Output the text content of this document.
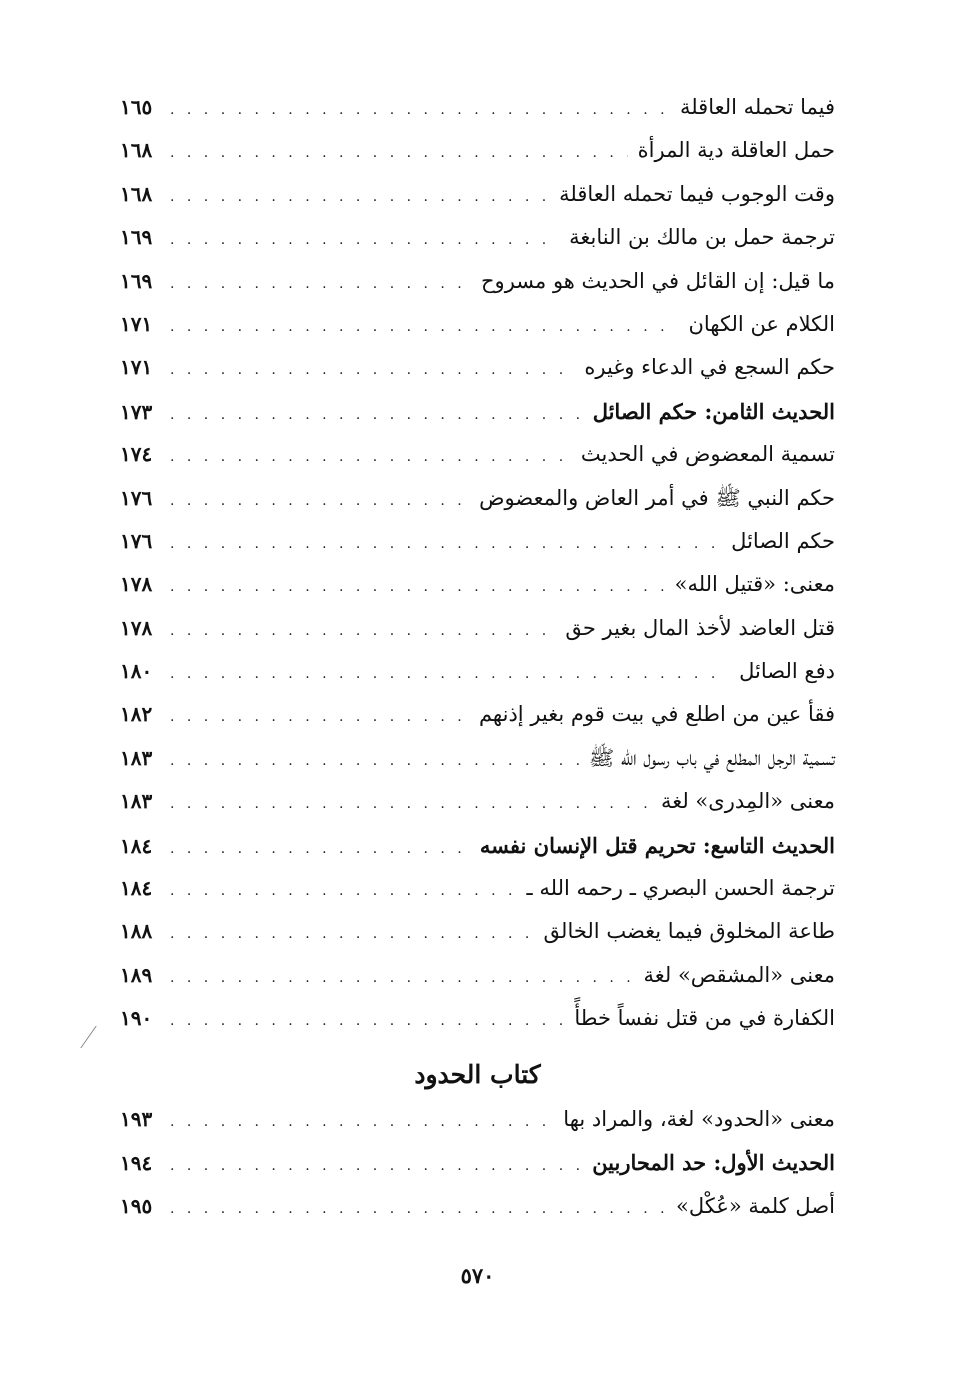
فيما تحمله العاقلة
. . .
١٦٥
حمل العاقلة دية المرأة
. . .
١٦٨
وقت الوجوب فيما تحمله العاقلة
. . .
١٦٨
ترجمة حمل بن مالك بن النابغة
. . .
١٦٩
ما قيل: إن القائل في الحديث هو مسروح
. . .
١٦٩
الكلام عن الكهان
. . .
١٧١
حكم السجع في الدعاء وغيره
. . .
١٧١
الحديث الثامن: حكم الصائل
. . .
١٧٣
تسمية المعضوض في الحديث
. . .
١٧٤
حكم النبي ﷺ في أمر العاض والمعضوض
. . .
١٧٦
حكم الصائل
. . .
١٧٦
معنى: «قتيل الله»
. . .
١٧٨
قتل العاضد لأخذ المال بغير حق
. . .
١٧٨
دفع الصائل
. . .
١٨٠
فقأ عين من اطلع في بيت قوم بغير إذنهم
. . .
١٨٢
تسمية الرجل المطلع في باب رسول الله ﷺ
. . .
١٨٣
معنى «المِدرى» لغة
. . .
١٨٣
الحديث التاسع: تحريم قتل الإنسان نفسه
. . .
١٨٤
ترجمة الحسن البصري ـ رحمه الله ـ
. . .
١٨٤
طاعة المخلوق فيما يغضب الخالق
. . .
١٨٨
معنى «المشقص» لغة
. . .
١٨٩
الكفارة في من قتل نفساً خطأً
. . .
١٩٠
كتاب الحدود
معنى «الحدود» لغة، والمراد بها
. . .
١٩٣
الحديث الأول: حد المحاربين
. . .
١٩٤
أصل كلمة «عُكْل»
. . .
١٩٥
٥٧٠
